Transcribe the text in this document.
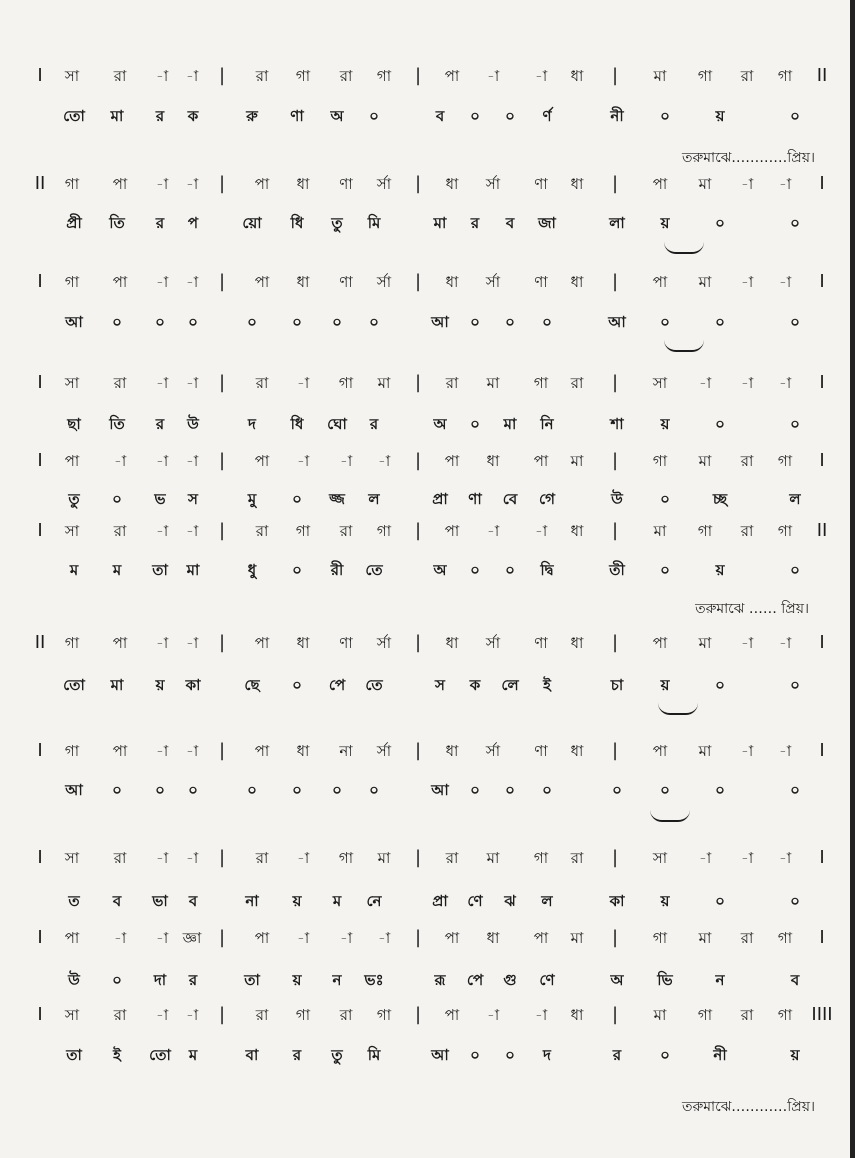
I সা রা -া -া | রা গা রা গা | পা -া -া ধা | মা গা রা গা II
তো মা র ক	রু ণা অ ০	ব ০ ০ র্ণ	নী ০	য়	০
তরুমাঝে…………প্রিয়।
II গা পা -া -া | পা ধা ণা র্সা | ধা র্সা ণা ধা | পা মা -া -া I
প্রী তি র প	য়ো ধি তু মি	মা র ব জা	লা য়	০	০
I গা পা -া -া | পা ধা ণা র্সা | ধা র্সা ণা ধা | পা মা -া -া I
আ ০ ০ ০	০ ০ ০ ০	আ ০ ০ ০	আ ০	০	০
I সা রা -া -া | রা -া গা মা | রা মা গা রা | সা -া -া -া I
ছা তি র উ	দ ধি ঘো র	অ ০ মা নি	শা য়	০	০
I পা -া -া -া | পা -া -া -া | পা ধা পা মা | গা মা রা গা I
তু ০ ভ স	মু ০ জ্জ ল	প্রা ণা বে গে	উ ০	চ্ছ	ল
I সা রা -া -া | রা গা রা গা | পা -া -া ধা | মা গা রা গা II
ম ম তা মা	ধু ০ রী তে	অ ০ ০ দ্বি	তী ০	য়	০
তরুমাঝে …… প্রিয়।
II গা পা -া -া | পা ধা ণা র্সা | ধা র্সা ণা ধা | পা মা -া -া I
তো মা য় কা	ছে ০ পে তে	স ক লে ই	চা য়	০	০
I গা পা -া -া | পা ধা না র্সা | ধা র্সা ণা ধা | পা মা -া -া I
আ ০ ০ ০	০ ০ ০ ০	আ ০ ০ ০	০	০	০	০
I সা রা -া -া | রা -া গা মা | রা মা গা রা | সা -া -া -া I
ত ব ভা ব	না য় ম নে	প্রা ণে ঝ ল	কা য়	০	০
I পা -া -া জ্ঞা | পা -া -া -া | পা ধা পা মা | গা মা রা গা I
উ ০ দা র	তা য় ন ভঃ	রূ পে গু ণে	অ ভি	ন	ব
I সা রা -া -া | রা গা রা গা | পা -া -া ধা | মা গা রা গা IIII
তা ই তো ম	বা র তু মি	আ ০ ০ দ	র	০	নী	য়
তরুমাঝে…………প্রিয়।
